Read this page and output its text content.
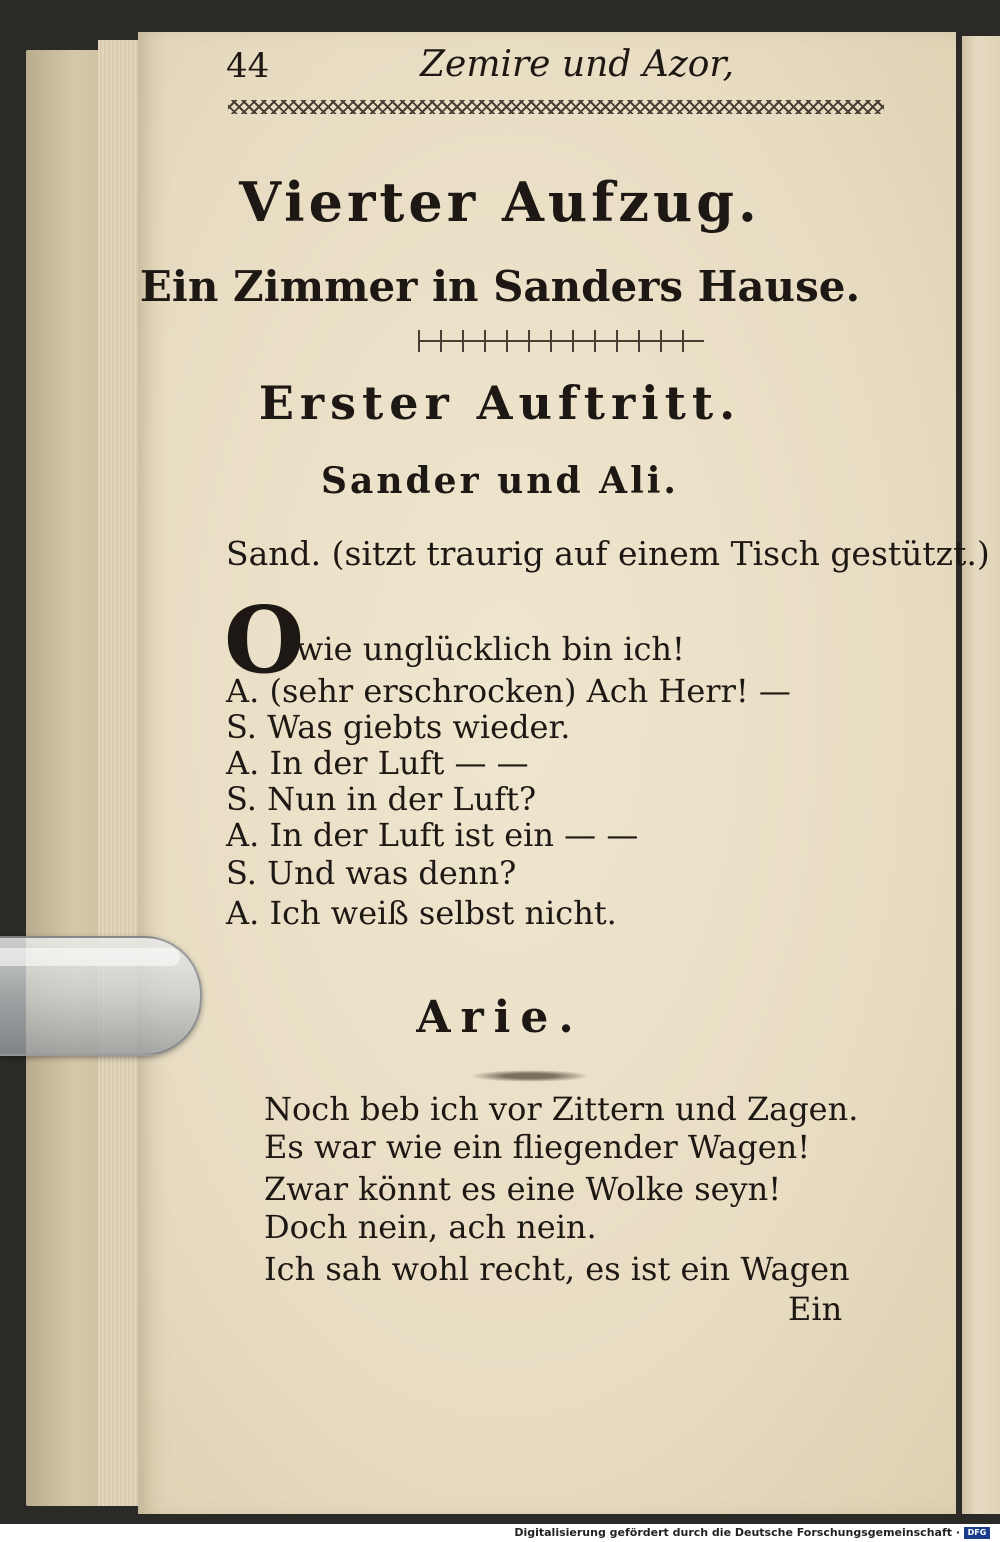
44	Zemire und Azor,
Vierter Aufzug.
Ein Zimmer in Sanders Hause.
Erster Auftritt.
Sander und Ali.
Sand. (sitzt traurig auf einem Tisch gestützt.)
O
wie unglücklich bin ich!
A. (sehr erschrocken) Ach Herr! —
S. Was giebts wieder.
A. In der Luft — —
S. Nun in der Luft?
A. In der Luft ist ein — —
S. Und was denn?
A. Ich weiß selbst nicht.
Arie.
Noch beb ich vor Zittern und Zagen.
Es war wie ein fliegender Wagen!
Zwar könnt es eine Wolke seyn!
Doch nein, ach nein.
Ich sah wohl recht, es ist ein Wagen
Ein
Digitalisierung gefördert durch die Deutsche Forschungsgemeinschaft · DFG
